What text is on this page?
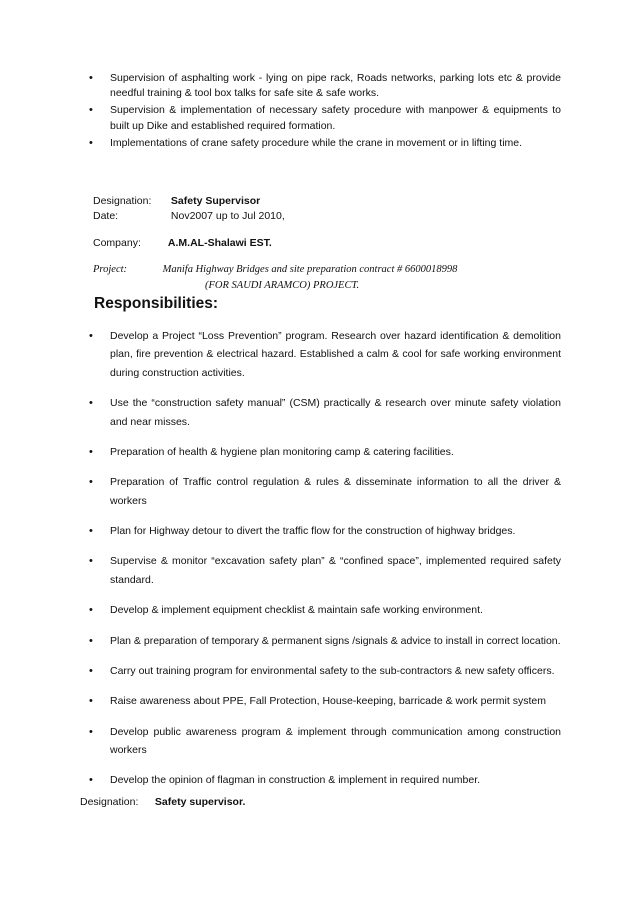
• Supervision of asphalting work - lying on pipe rack, Roads networks, parking lots etc & provide needful training & tool box talks for safe site & safe works.
• Supervision & implementation of necessary safety procedure with manpower & equipments to built up Dike and established required formation.
• Implementations of crane safety procedure while the crane in movement or in lifting time.
Designation: Safety Supervisor
Date:	Nov2007 up to Jul 2010,
Company:	A.M.AL-Shalawi EST.
Project:	Manifa Highway Bridges and site preparation contract # 6600018998
(FOR SAUDI ARAMCO) PROJECT.
Responsibilities:
• Develop a Project “Loss Prevention” program. Research over hazard identification & demolition plan, fire prevention & electrical hazard. Established a calm & cool for safe working environment during construction activities.
• Use the “construction safety manual” (CSM) practically & research over minute safety violation and near misses.
• Preparation of health & hygiene plan monitoring camp & catering facilities.
• Preparation of Traffic control regulation & rules & disseminate information to all the driver & workers
• Plan for Highway detour to divert the traffic flow for the construction of highway bridges.
• Supervise & monitor “excavation safety plan” & “confined space”, implemented required safety standard.
• Develop & implement equipment checklist & maintain safe working environment.
• Plan & preparation of temporary & permanent signs /signals & advice to install in correct location.
• Carry out training program for environmental safety to the sub-contractors & new safety officers.
• Raise awareness about PPE, Fall Protection, House-keeping, barricade & work permit system
• Develop public awareness program & implement through communication among construction workers
• Develop the opinion of flagman in construction & implement in required number.
Designation: Safety supervisor.
